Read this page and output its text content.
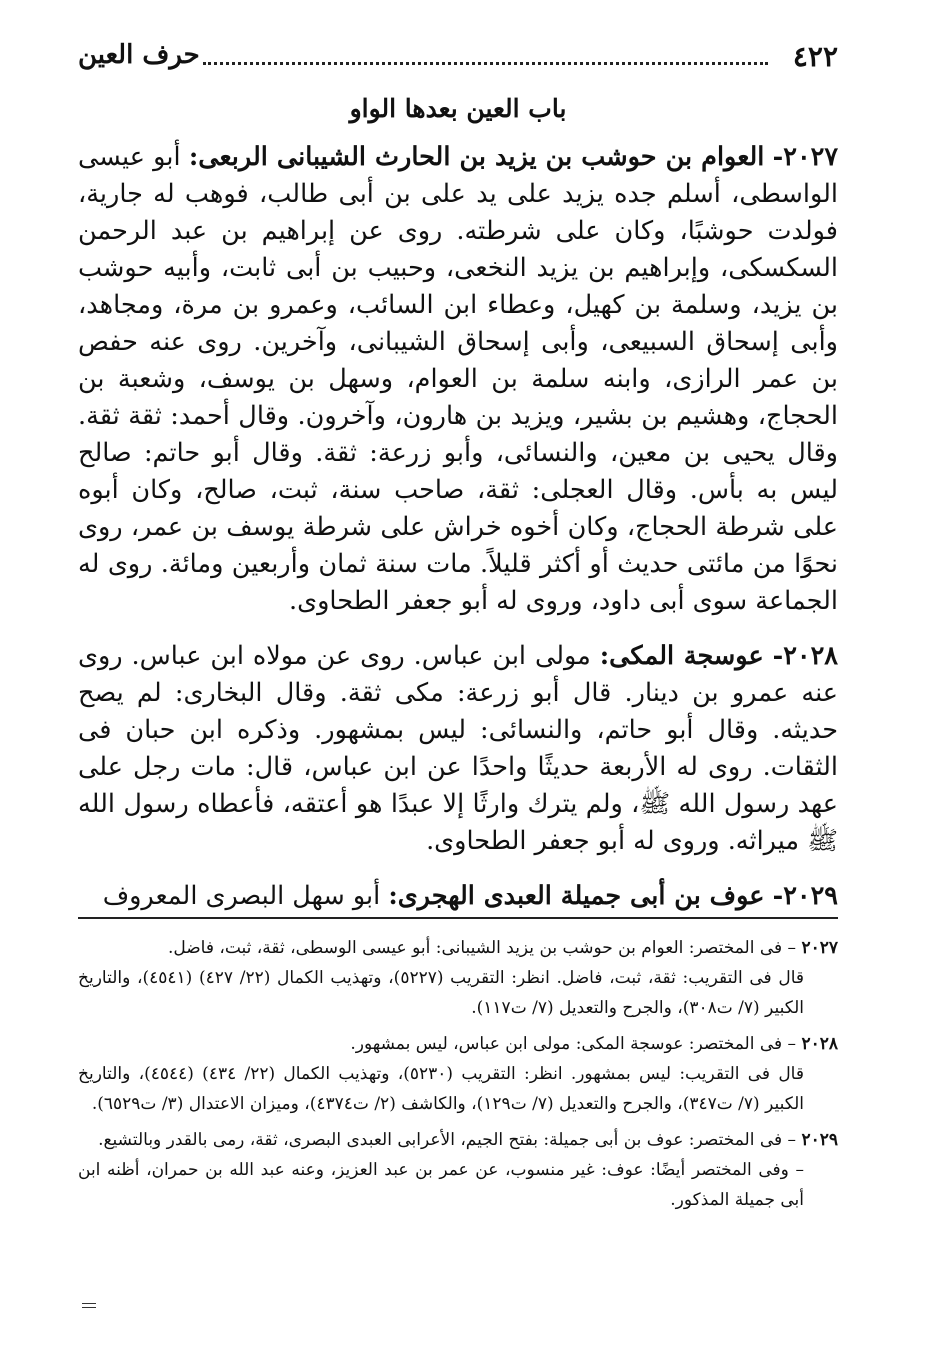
٤٢٢
حرف العين
باب العين بعدها الواو

٢٠٢٧- العوام بن حوشب بن يزيد بن الحارث الشيبانى الربعى: أبو عيسى الواسطى، أسلم جده يزيد على يد على بن أبى طالب، فوهب له جارية، فولدت حوشبًا، وكان على شرطته. روى عن إبراهيم بن عبد الرحمن السكسكى، وإبراهيم بن يزيد النخعى، وحبيب بن أبى ثابت، وأبيه حوشب بن يزيد، وسلمة بن كهيل، وعطاء ابن السائب، وعمرو بن مرة، ومجاهد، وأبى إسحاق السبيعى، وأبى إسحاق الشيبانى، وآخرين. روى عنه حفص بن عمر الرازى، وابنه سلمة بن العوام، وسهل بن يوسف، وشعبة بن الحجاج، وهشيم بن بشير، ويزيد بن هارون، وآخرون. وقال أحمد: ثقة ثقة. وقال يحيى بن معين، والنسائى، وأبو زرعة: ثقة. وقال أبو حاتم: صالح ليس به بأس. وقال العجلى: ثقة، صاحب سنة، ثبت، صالح، وكان أبوه على شرطة الحجاج، وكان أخوه خراش على شرطة يوسف بن عمر، روى نحوًا من مائتى حديث أو أكثر قليلاً. مات سنة ثمان وأربعين ومائة. روى له الجماعة سوى أبى داود، وروى له أبو جعفر الطحاوى.

٢٠٢٨- عوسجة المكى: مولى ابن عباس. روى عن مولاه ابن عباس. روى عنه عمرو بن دينار. قال أبو زرعة: مكى ثقة. وقال البخارى: لم يصح حديثه. وقال أبو حاتم، والنسائى: ليس بمشهور. وذكره ابن حبان فى الثقات. روى له الأربعة حديثًا واحدًا عن ابن عباس، قال: مات رجل على عهد رسول الله ﷺ، ولم يترك وارثًا إلا عبدًا هو أعتقه، فأعطاه رسول الله ﷺ ميراثه. وروى له أبو جعفر الطحاوى.

٢٠٢٩- عوف بن أبى جميلة العبدى الهجرى: أبو سهل البصرى المعروف

٢٠٢٧ – فى المختصر: العوام بن حوشب بن يزيد الشيبانى: أبو عيسى الوسطى، ثقة، ثبت، فاضل.

قال فى التقريب: ثقة، ثبت، فاضل. انظر: التقريب (٥٢٢٧)، وتهذيب الكمال (٢٢/ ٤٢٧) (٤٥٤١)، والتاريخ الكبير (٧/ ت٣٠٨)، والجرح والتعديل (٧/ ت١١٧).

٢٠٢٨ – فى المختصر: عوسجة المكى: مولى ابن عباس، ليس بمشهور.

قال فى التقريب: ليس بمشهور. انظر: التقريب (٥٢٣٠)، وتهذيب الكمال (٢٢/ ٤٣٤) (٤٥٤٤)، والتاريخ الكبير (٧/ ت٣٤٧)، والجرح والتعديل (٧/ ت١٢٩)، والكاشف (٢/ ت٤٣٧٤)، وميزان الاعتدال (٣/ ت٦٥٢٩).

٢٠٢٩ – فى المختصر: عوف بن أبى جميلة: بفتح الجيم، الأعرابى العبدى البصرى، ثقة، رمى بالقدر وبالتشيع.

– وفى المختصر أيضًا: عوف: غير منسوب، عن عمر بن عبد العزيز، وعنه عبد الله بن حمران، أظنه ابن أبى جميلة المذكور.
